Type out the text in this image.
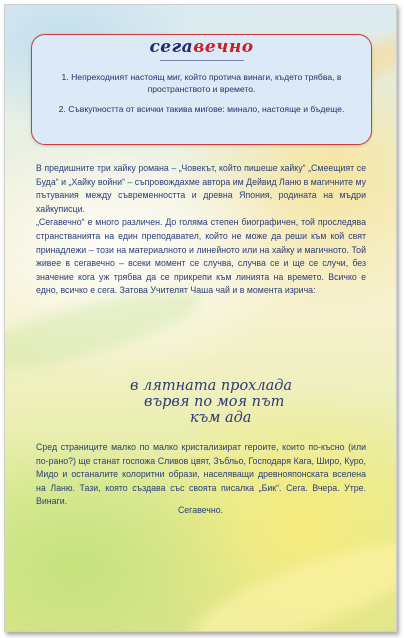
сегавечно
1. Непреходният настоящ миг, който протича винаги, където трябва, в пространството и времето.
2. Съвкупността от всички такива мигове: минало, настояще и бъдеще.

В предишните три хайку романа – „Човекът, който пишеше хайку“ „Смеещият се Буда“ и „Хайку войни“ – съпровождахме автора им Дейвид Ланю в магичните му пътувания между съвременността и древна Япония, родината на мъдри хайкуписци.

„Сегавечно“ е много различен. До голяма степен биографичен, той проследява странстванията на един преподавател, който не може да реши към кой свят принадлежи – този на материалното и линейното или на хайку и магичното. Той живее в сегавечно – всеки момент се случва, случва се и ще се случи, без значение кога уж трябва да се прикрепи към линията на времето. Всичко е едно, всичко е сега. Затова Учителят Чаша чай и в момента изрича:

в лятната прохлада
вървя по моя път
към ада

Сред страниците малко по малко кристализират героите, които по-късно (или по-рано?) ще станат госпожа Сливов цвят, Зъбльо, Господаря Кага, Широ, Куро, Мидо и останалите колоритни образи, населяващи древнояпонската вселена на Ланю. Тази, която създава със своята писалка „Бик“. Сега. Вчера. Утре. Винаги.

Сегавечно.
